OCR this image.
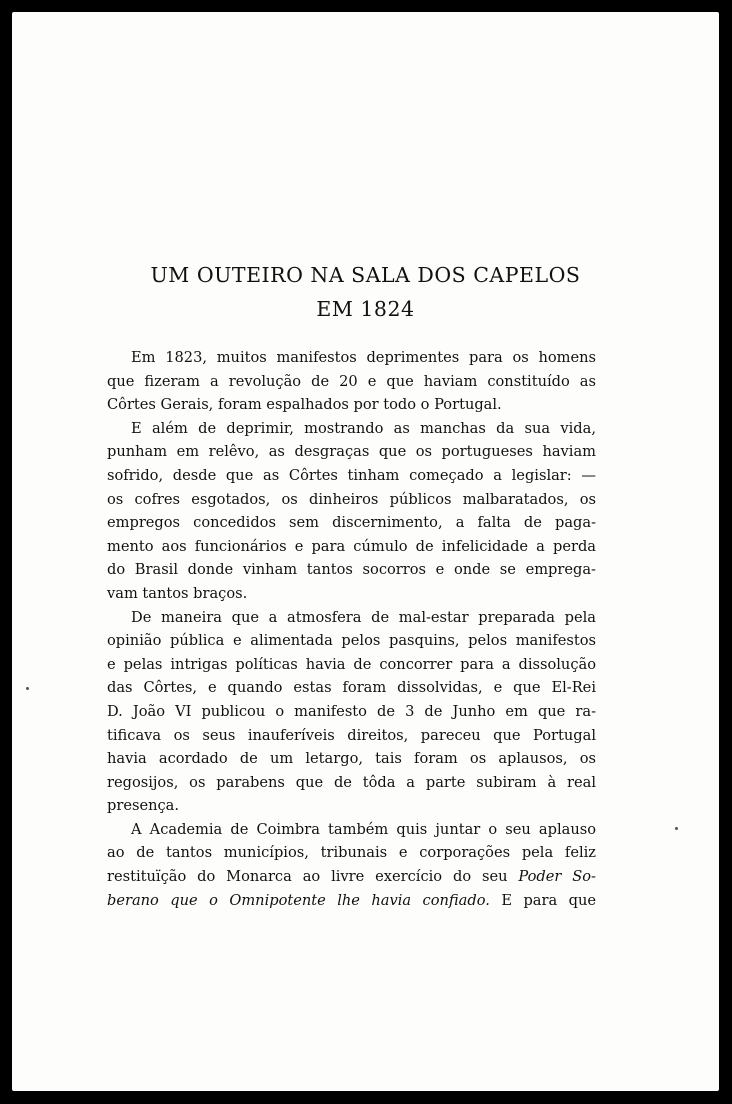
UM OUTEIRO NA SALA DOS CAPELOS
EM 1824
Em 1823, muitos manifestos deprimentes para os homens
que fizeram a revolução de 20 e que haviam constituído as
Côrtes Gerais, foram espalhados por todo o Portugal.
E além de deprimir, mostrando as manchas da sua vida,
punham em relêvo, as desgraças que os portugueses haviam
sofrido, desde que as Côrtes tinham começado a legislar: —
os cofres esgotados, os dinheiros públicos malbaratados, os
empregos concedidos sem discernimento, a falta de paga-
mento aos funcionários e para cúmulo de infelicidade a perda
do Brasil donde vinham tantos socorros e onde se emprega-
vam tantos braços.
De maneira que a atmosfera de mal-estar preparada pela
opinião pública e alimentada pelos pasquins, pelos manifestos
e pelas intrigas políticas havia de concorrer para a dissolução
das Côrtes, e quando estas foram dissolvidas, e que El-Rei
D. João VI publicou o manifesto de 3 de Junho em que ra-
tificava os seus inauferíveis direitos, pareceu que Portugal
havia acordado de um letargo, tais foram os aplausos, os
regosijos, os parabens que de tôda a parte subiram à real
presença.
A Academia de Coimbra também quis juntar o seu aplauso
ao de tantos municípios, tribunais e corporações pela feliz
restituïção do Monarca ao livre exercício do seu Poder So-
berano que o Omnipotente lhe havia confiado. E para que
